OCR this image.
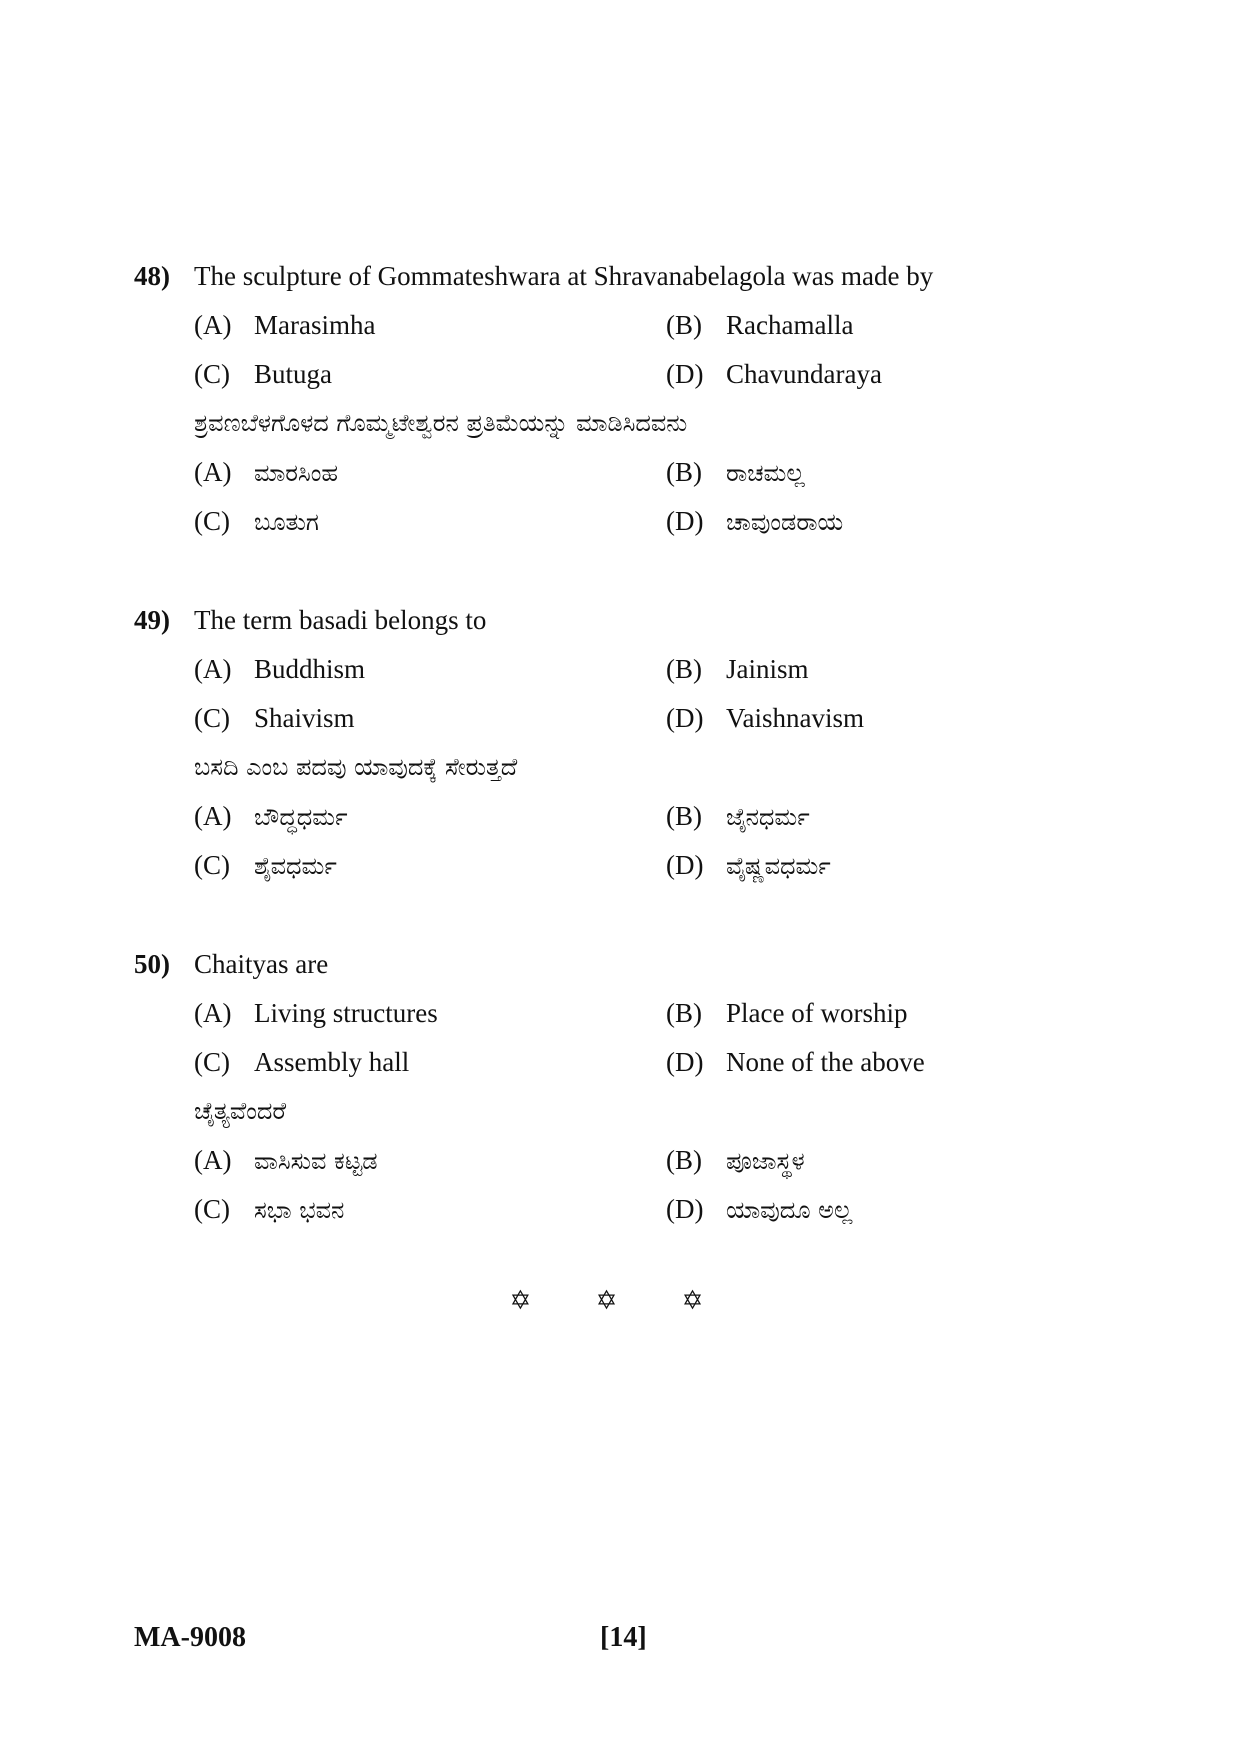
48) The sculpture of Gommateshwara at Shravanabelagola was made by
(A) Marasimha	(B) Rachamalla
(C) Butuga	(D) Chavundaraya
ಶ್ರವಣಬೆಳಗೊಳದ ಗೊಮ್ಮಟೇಶ್ವರನ ಪ್ರತಿಮೆಯನ್ನು ಮಾಡಿಸಿದವನು
(A) ಮಾರಸಿಂಹ	(B) ರಾಚಮಲ್ಲ
(C) ಬೂತುಗ	(D) ಚಾವುಂಡರಾಯ
49) The term basadi belongs to
(A) Buddhism	(B) Jainism
(C) Shaivism	(D) Vaishnavism
ಬಸದಿ ಎಂಬ ಪದವು ಯಾವುದಕ್ಕೆ ಸೇರುತ್ತದೆ
(A) ಬೌದ್ಧಧರ್ಮ	(B) ಜೈನಧರ್ಮ
(C) ಶೈವಧರ್ಮ	(D) ವೈಷ್ಣವಧರ್ಮ
50) Chaityas are
(A) Living structures	(B) Place of worship
(C) Assembly hall	(D) None of the above
ಚೈತ್ಯವೆಂದರೆ
(A) ವಾಸಿಸುವ ಕಟ್ಟಡ	(B) ಪೂಜಾಸ್ಥಳ
(C) ಸಭಾ ಭವನ	(D) ಯಾವುದೂ ಅಲ್ಲ
✡ ✡ ✡
MA-9008	[14]
